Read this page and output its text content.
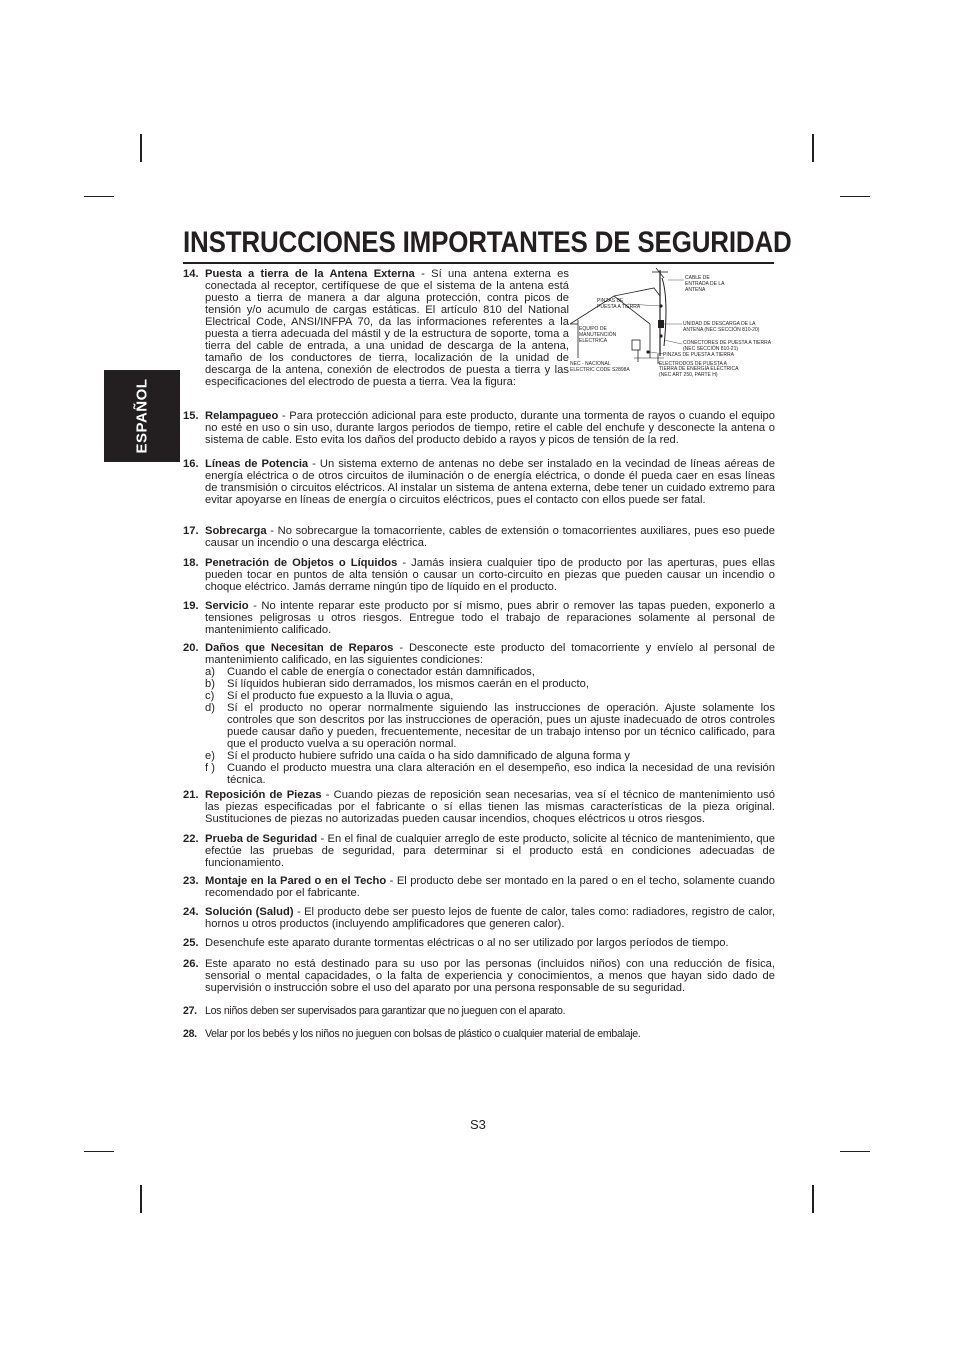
ESPAÑOL
INSTRUCCIONES IMPORTANTES DE SEGURIDAD
14. Puesta a tierra de la Antena Externa - Sí una antena externa es conectada al receptor, certifíquese de que el sistema de la antena está puesto a tierra de manera a dar alguna protección, contra picos de tensión y/o acumulo de cargas estáticas. El artículo 810 del National Electrical Code, ANSI/INFPA 70, da las informaciones referentes a la puesta a tierra adecuada del mástil y de la estructura de soporte, toma a tierra del cable de entrada, a una unidad de descarga de la antena, tamaño de los conductores de tierra, localización de la unidad de descarga de la antena, conexión de electrodos de puesta a tierra y las especificaciones del electrodo de puesta a tierra. Vea la figura:
CABLE DE
ENTRADA DE LA
ANTENA
PINZAS DE
PUESTA A TIERRA
UNIDAD DE DESCARGA DE LA
ANTENA (NEC SECCIÓN 810-20)
EQUIPO DE
MANUTENCIÓN
ELÉCTRICA	CONECTORES DE PUESTA A TIERRA
(NEC SECCIÓN 810-21)
PINZAS DE PUESTA A TIERRA
NEC - NACIONAL
ELECTRIC CODE S2898A
ELECTRODOS DE PUESTA A
TIERRA DE ENERGÍA ELÉCTRICA
(NEC ART 250, PARTE H)
15. Relampagueo - Para protección adicional para este producto, durante una tormenta de rayos o cuando el equipo no esté en uso o sin uso, durante largos periodos de tiempo, retire el cable del enchufe y desconecte la antena o sistema de cable. Esto evita los daños del producto debido a rayos y picos de tensión de la red.
16. Líneas de Potencia - Un sistema externo de antenas no debe ser instalado en la vecindad de líneas aéreas de energía eléctrica o de otros circuitos de iluminación o de energía eléctrica, o donde él pueda caer en esas líneas de transmisión o circuitos eléctricos. Al instalar un sistema de antena externa, debe tener un cuidado extremo para evitar apoyarse en líneas de energía o circuitos eléctricos, pues el contacto con ellos puede ser fatal.
17. Sobrecarga - No sobrecargue la tomacorriente, cables de extensión o tomacorrientes auxiliares, pues eso puede causar un incendio o una descarga eléctrica.
18. Penetración de Objetos o Líquidos - Jamás insiera cualquier tipo de producto por las aperturas, pues ellas pueden tocar en puntos de alta tensión o causar un corto-circuito en piezas que pueden causar un incendio o choque eléctrico. Jamás derrame ningún tipo de líquido en el producto.
19. Servicio - No intente reparar este producto por sí mismo, pues abrir o remover las tapas pueden, exponerlo a tensiones peligrosas u otros riesgos. Entregue todo el trabajo de reparaciones solamente al personal de mantenimiento calificado.
20. Daños que Necesitan de Reparos - Desconecte este producto del tomacorriente y envíelo al personal de mantenimiento calificado, en las siguientes condiciones:
a)	Cuando el cable de energía o conectador están damnificados,
b)	Sí líquidos hubieran sido derramados, los mismos caerán en el producto,
c)	Sí el producto fue expuesto a la lluvia o agua,
d)	Sí el producto no operar normalmente siguiendo las instrucciones de operación. Ajuste solamente los controles que son descritos por las instrucciones de operación, pues un ajuste inadecuado de otros controles puede causar daño y pueden, frecuentemente, necesitar de un trabajo intenso por un técnico calificado, para que el producto vuelva a su operación normal.
e)	Sí el producto hubiere sufrido una caída o ha sido damnificado de alguna forma y
f )	Cuando el producto muestra una clara alteración en el desempeño, eso indica la necesidad de una revisión técnica.
21. Reposición de Piezas - Cuando piezas de reposición sean necesarias, vea sí el técnico de mantenimiento usó las piezas especificadas por el fabricante o sí ellas tienen las mismas características de la pieza original. Sustituciones de piezas no autorizadas pueden causar incendios, choques eléctricos u otros riesgos.
22. Prueba de Seguridad - En el final de cualquier arreglo de este producto, solicite al técnico de mantenimiento, que efectúe las pruebas de seguridad, para determinar si el producto está en condiciones adecuadas de funcionamiento.
23. Montaje en la Pared o en el Techo - El producto debe ser montado en la pared o en el techo, solamente cuando recomendado por el fabricante.
24. Solución (Salud) - El producto debe ser puesto lejos de fuente de calor, tales como: radiadores, registro de calor, hornos u otros productos (incluyendo amplificadores que generen calor).
25. Desenchufe este aparato durante tormentas eléctricas o al no ser utilizado por largos períodos de tiempo.
26. Este aparato no está destinado para su uso por las personas (incluidos niños) con una reducción de física, sensorial o mental capacidades, o la falta de experiencia y conocimientos, a menos que hayan sido dado de supervisión o instrucción sobre el uso del aparato por una persona responsable de su seguridad.
27. Los niños deben ser supervisados para garantizar que no jueguen con el aparato.
28. Velar por los bebés y los niños no jueguen con bolsas de plástico o cualquier material de embalaje.
S3
